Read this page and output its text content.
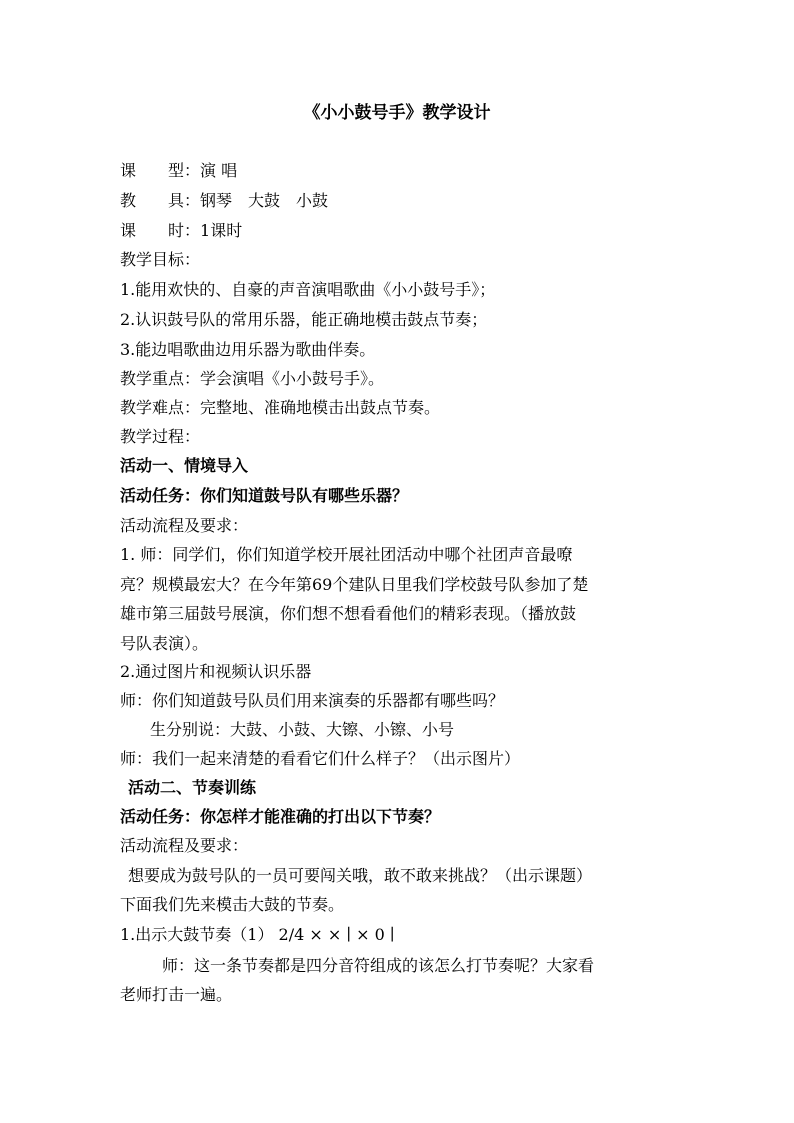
《小小鼓号手》教学设计
课　　型：演 唱
教　　具：钢琴　大鼓　小鼓
课　　时：1课时
教学目标：
1.能用欢快的、自豪的声音演唱歌曲《小小鼓号手》；
2.认识鼓号队的常用乐器，能正确地模击鼓点节奏；
3.能边唱歌曲边用乐器为歌曲伴奏。
教学重点：学会演唱《小小鼓号手》。
教学难点：完整地、准确地模击出鼓点节奏。
教学过程：
活动一、情境导入
活动任务：你们知道鼓号队有哪些乐器？
活动流程及要求：
1. 师：同学们，你们知道学校开展社团活动中哪个社团声音最嘹
亮？规模最宏大？在今年第69个建队日里我们学校鼓号队参加了楚
雄市第三届鼓号展演，你们想不想看看他们的精彩表现。（播放鼓
号队表演）。
2.通过图片和视频认识乐器
师：你们知道鼓号队员们用来演奏的乐器都有哪些吗？
生分别说：大鼓、小鼓、大镲、小镲、小号
师：我们一起来清楚的看看它们什么样子？（出示图片）
活动二、节奏训练
活动任务：你怎样才能准确的打出以下节奏？
活动流程及要求：
想要成为鼓号队的一员可要闯关哦，敢不敢来挑战？（出示课题）
下面我们先来模击大鼓的节奏。
1.出示大鼓节奏（1） 2/4 × × ∣ × 0 ∣
师：这一条节奏都是四分音符组成的该怎么打节奏呢？大家看
老师打击一遍。
